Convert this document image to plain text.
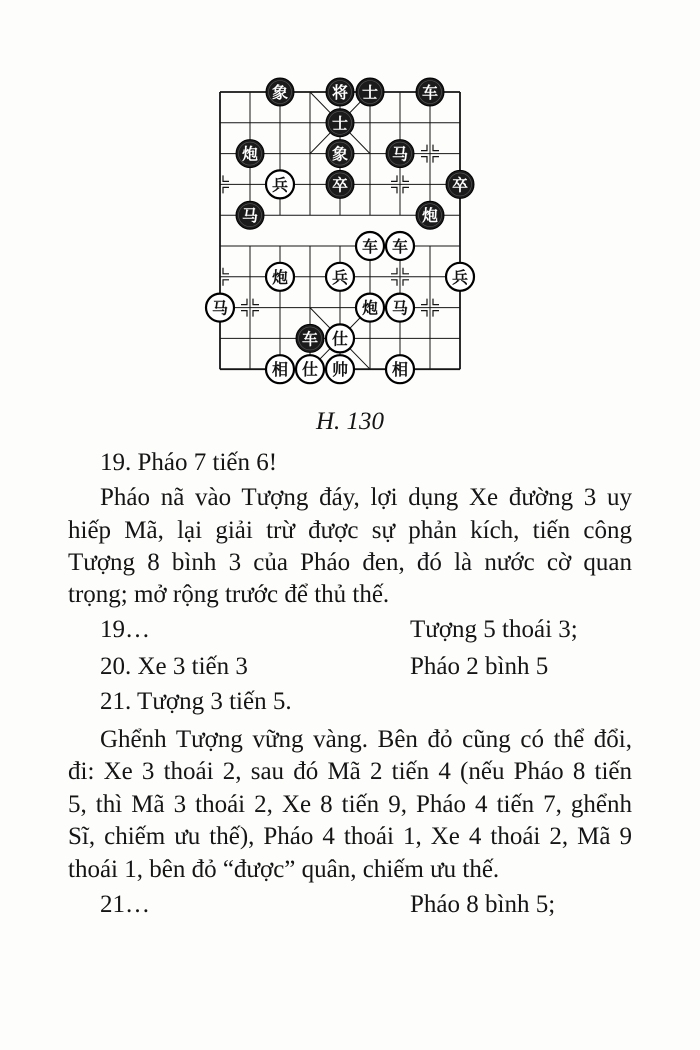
象	将 士	车
士
炮	象	马
兵	卒	卒
马	炮
车 车
炮	兵	兵
马	炮 马
车 仕
相 仕 帅	相
H. 130
19. Pháo 7 tiến 6!
Pháo nã vào Tượng đáy, lợi dụng Xe đường 3 uy
hiếp Mã, lại giải trừ được sự phản kích, tiến công
Tượng 8 bình 3 của Pháo đen, đó là nước cờ quan
trọng; mở rộng trước để thủ thế.
19…	Tượng 5 thoái 3;
20. Xe 3 tiến 3	Pháo 2 bình 5
21. Tượng 3 tiến 5.
Ghểnh Tượng vững vàng. Bên đỏ cũng có thể đổi,
đi: Xe 3 thoái 2, sau đó Mã 2 tiến 4 (nếu Pháo 8 tiến
5, thì Mã 3 thoái 2, Xe 8 tiến 9, Pháo 4 tiến 7, ghểnh
Sĩ, chiếm ưu thế), Pháo 4 thoái 1, Xe 4 thoái 2, Mã 9
thoái 1, bên đỏ “được” quân, chiếm ưu thế.
21…	Pháo 8 bình 5;
